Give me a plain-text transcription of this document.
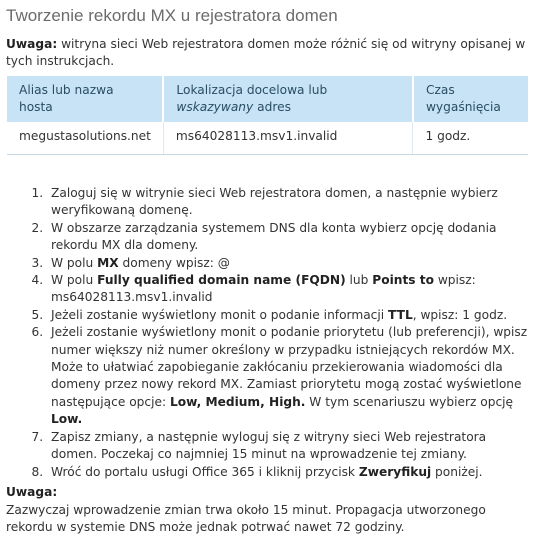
Tworzenie rekordu MX u rejestratora domen
Uwaga: witryna sieci Web rejestratora domen może różnić się od witryny opisanej w tych instrukcjach.
Alias lub nazwa hosta	Lokalizacja docelowa lub wskazywany adres	Czas wygaśnięcia
megustasolutions.net	ms64028113.msv1.invalid	1 godz.
1. Zaloguj się w witrynie sieci Web rejestratora domen, a następnie wybierz weryfikowaną domenę.
2. W obszarze zarządzania systemem DNS dla konta wybierz opcję dodania rekordu MX dla domeny.
3. W polu MX domeny wpisz: @
4. W polu Fully qualified domain name (FQDN) lub Points to wpisz: ms64028113.msv1.invalid
5. Jeżeli zostanie wyświetlony monit o podanie informacji TTL, wpisz: 1 godz.
6. Jeżeli zostanie wyświetlony monit o podanie priorytetu (lub preferencji), wpisz numer większy niż numer określony w przypadku istniejących rekordów MX. Może to ułatwiać zapobieganie zakłócaniu przekierowania wiadomości dla domeny przez nowy rekord MX. Zamiast priorytetu mogą zostać wyświetlone następujące opcje: Low, Medium, High. W tym scenariuszu wybierz opcję Low.
7. Zapisz zmiany, a następnie wyloguj się z witryny sieci Web rejestratora domen. Poczekaj co najmniej 15 minut na wprowadzenie tej zmiany.
8. Wróć do portalu usługi Office 365 i kliknij przycisk Zweryfikuj poniżej.
Uwaga:

Zazwyczaj wprowadzenie zmian trwa około 15 minut. Propagacja utworzonego rekordu w systemie DNS może jednak potrwać nawet 72 godziny.
